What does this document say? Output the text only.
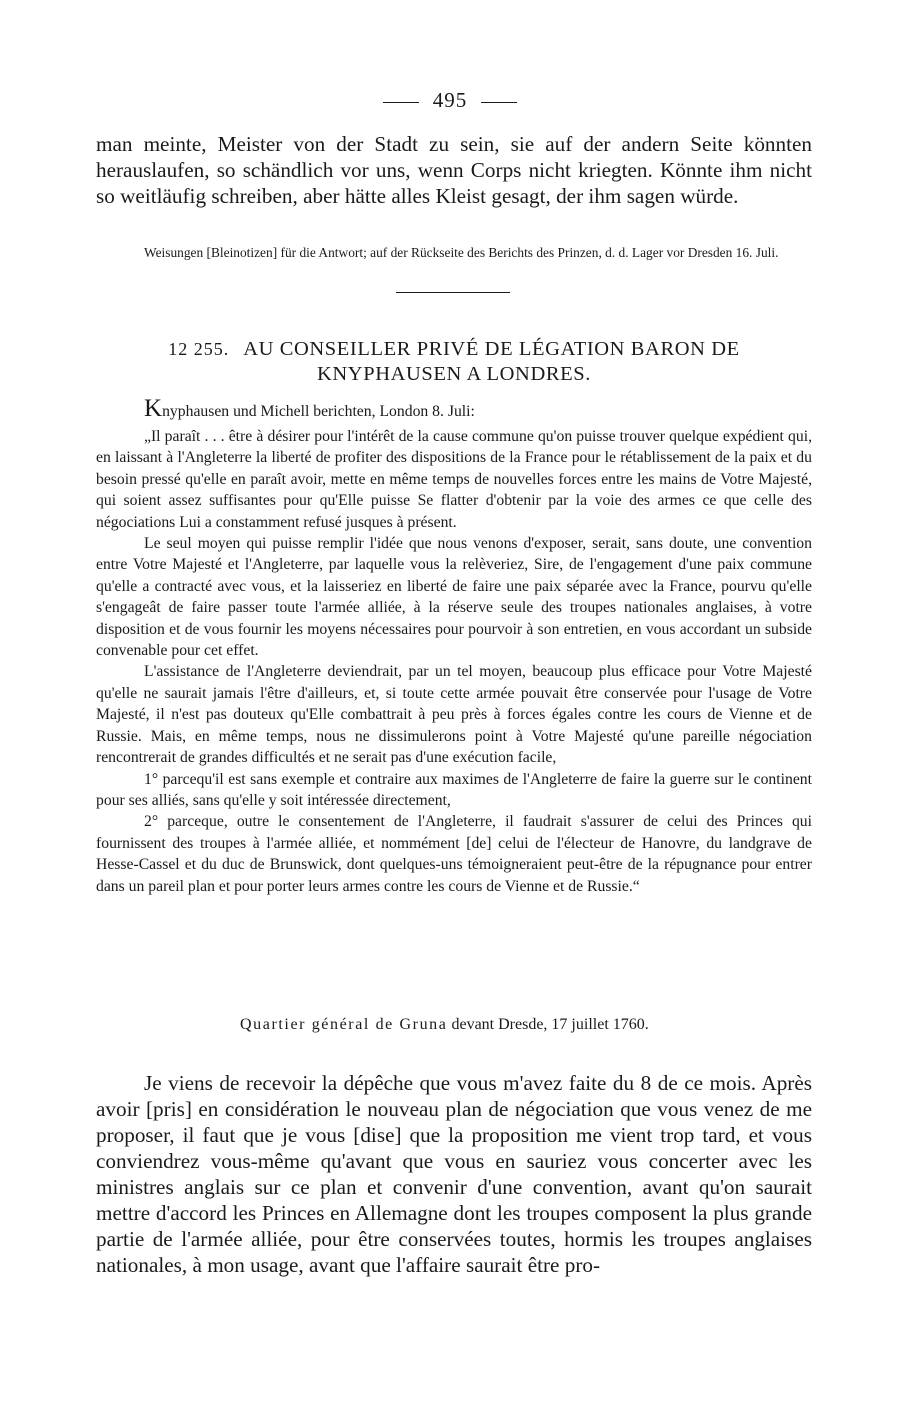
495

man meinte, Meister von der Stadt zu sein, sie auf der andern Seite könnten herauslaufen, so schändlich vor uns, wenn Corps nicht kriegten. Könnte ihm nicht so weitläufig schreiben, aber hätte alles Kleist gesagt, der ihm sagen würde.

Weisungen [Bleinotizen] für die Antwort; auf der Rückseite des Berichts des Prinzen, d. d. Lager vor Dresden 16. Juli.

12 255. AU CONSEILLER PRIVÉ DE LÉGATION BARON DE KNYPHAUSEN A LONDRES.

Knyphausen und Michell berichten, London 8. Juli:

„Il paraît . . . être à désirer pour l'intérêt de la cause commune qu'on puisse trouver quelque expédient qui, en laissant à l'Angleterre la liberté de profiter des dispositions de la France pour le rétablissement de la paix et du besoin pressé qu'elle en paraît avoir, mette en même temps de nouvelles forces entre les mains de Votre Majesté, qui soient assez suffisantes pour qu'Elle puisse Se flatter d'obtenir par la voie des armes ce que celle des négociations Lui a constamment refusé jusques à présent.

Le seul moyen qui puisse remplir l'idée que nous venons d'exposer, serait, sans doute, une convention entre Votre Majesté et l'Angleterre, par laquelle vous la relèveriez, Sire, de l'engagement d'une paix commune qu'elle a contracté avec vous, et la laisseriez en liberté de faire une paix séparée avec la France, pourvu qu'elle s'engageât de faire passer toute l'armée alliée, à la réserve seule des troupes nationales anglaises, à votre disposition et de vous fournir les moyens nécessaires pour pourvoir à son entretien, en vous accordant un subside convenable pour cet effet.

L'assistance de l'Angleterre deviendrait, par un tel moyen, beaucoup plus efficace pour Votre Majesté qu'elle ne saurait jamais l'être d'ailleurs, et, si toute cette armée pouvait être conservée pour l'usage de Votre Majesté, il n'est pas douteux qu'Elle combattrait à peu près à forces égales contre les cours de Vienne et de Russie. Mais, en même temps, nous ne dissimulerons point à Votre Majesté qu'une pareille négociation rencontrerait de grandes difficultés et ne serait pas d'une exécution facile,

1° parcequ'il est sans exemple et contraire aux maximes de l'Angleterre de faire la guerre sur le continent pour ses alliés, sans qu'elle y soit intéressée directement,

2° parceque, outre le consentement de l'Angleterre, il faudrait s'assurer de celui des Princes qui fournissent des troupes à l'armée alliée, et nommément [de] celui de l'électeur de Hanovre, du landgrave de Hesse-Cassel et du duc de Brunswick, dont quelques-uns témoigneraient peut-être de la répugnance pour entrer dans un pareil plan et pour porter leurs armes contre les cours de Vienne et de Russie.“

Quartier général de Gruna devant Dresde, 17 juillet 1760.

Je viens de recevoir la dépêche que vous m'avez faite du 8 de ce mois. Après avoir [pris] en considération le nouveau plan de négociation que vous venez de me proposer, il faut que je vous [dise] que la proposition me vient trop tard, et vous conviendrez vous-même qu'avant que vous en sauriez vous concerter avec les ministres anglais sur ce plan et convenir d'une convention, avant qu'on saurait mettre d'accord les Princes en Allemagne dont les troupes composent la plus grande partie de l'armée alliée, pour être conservées toutes, hormis les troupes anglaises nationales, à mon usage, avant que l'affaire saurait être pro-
